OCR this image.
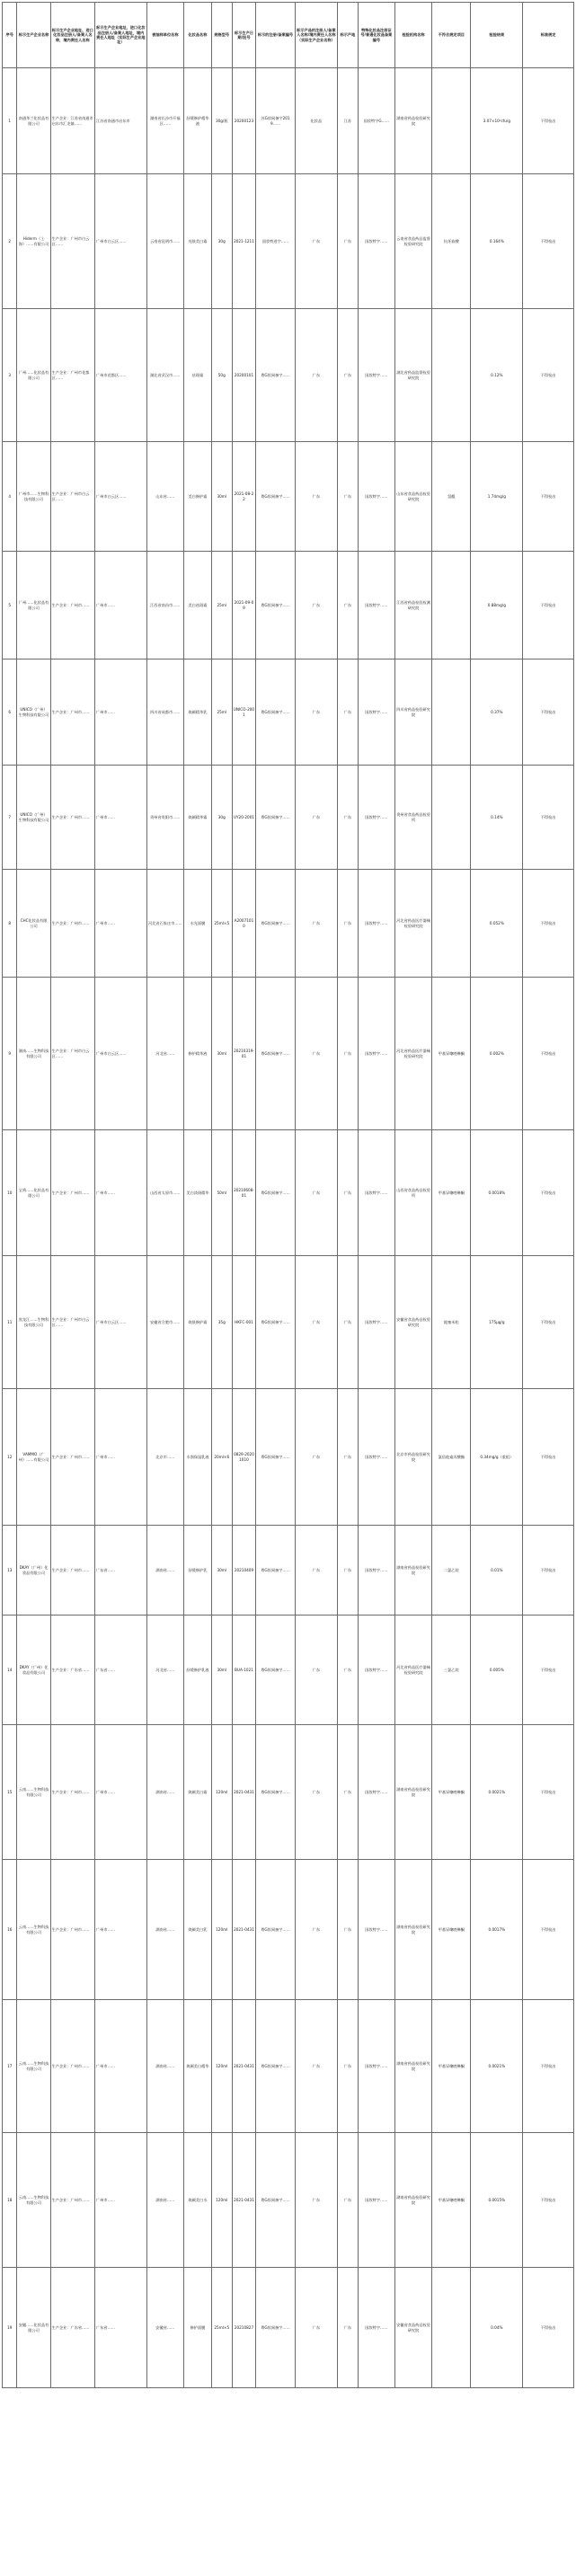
序号	标示生产企业名称	标示生产企业地址、进口化妆品注册人/备案人名称，境内责任人名称	标示生产企业地址，进口化妆品注册人/备案人地址，境内责任人地址（实际生产企业地址）	被抽样单位名称	化妆品名称	规格型号	标示生产日期/批号	标示的注册/备案编号	标示产品的注册人/备案人名称/境内责任人名称（实际生产企业名称）	标示产地	特殊化妆品注册证号/普通化妆品备案编号	检验机构名称	不符合规定项目	检验结果	标准规定
1	南通华兰化妆品有限公司	生产企业：江苏省南通市启东市汇龙镇……	江苏省南通市启东市	湖南省长沙市开福区……	舒缓修护精华液	30g/瓶	20200123	苏G妆网备字2019……	化妆品	江苏	国妆特字G……	湖南省药品检验研究院		3.07×10²cfu/g	不得检出
2	Hiderm（上海）……有限公司	生产企业：广州市白云区……	广州市白云区……	云南省昆明市……	亮肤美白霜	30g	2021-1211	国妆特进字……	广东	广东	国妆特字……	云南省食品药品监督检验研究院	抗坏血酸	0.164%	不得检出
3	广州……化妆品有限公司	生产企业：广州市花都区……	广州市花都区……	湖北省武汉市……	祛斑霜	50g	20200101	粤G妆网备字……	广东	广东	国妆特字……	湖北省药品监督检验研究院		0.12%	不得检出
4	广州市……生物科技有限公司	生产企业：广州市白云区……	广州市白云区……	山东省……	美白修护霜	30ml	2021-08-22	粤G妆网备字……	广东	广东	国妆特字……	山东省食品药品检验研究院	氢醌	1.74mg/g	不得检出
5	广州……化妆品有限公司	生产企业：广州市……	广州市……	江西省南昌市……	美白祛斑霜	25ml	2021-09-09	粤G妆网备字……	广东	广东	国妆特字……	江西省药品检验检测研究院		0.88mg/g	不得检出
6	UNICO（广州）生物科技有限公司	生产企业：广州市……	广州市……	四川省成都市……	焕颜精华乳	25ml	UNICO-2001	粤G妆网备字……	广东	广东	国妆特字……	四川省药品检验研究院		0.37%	不得检出
7	UNICO（广州）生物科技有限公司	生产企业：广州市……	广州市……	贵州省贵阳市……	焕颜精华霜	30g	UY20-2001	粤G妆网备字……	广东	广东	国妆特字……	贵州省食品药品检验所		0.14%	不得检出
8	CHC化妆品有限公司	生产企业：广州市……	广州市……	河北省石家庄市……	水光面膜	25ml×5	A20071010	粤G妆网备字……	广东	广东	国妆特字……	河北省药品医疗器械检验研究院		0.052%	不得检出
9	湖南……生物科技有限公司	生产企业：广州市白云区……	广州市白云区……	河北省……	修护精华液	30ml	20210319-01	粤G妆网备字……	广东	广东	国妆特字……	河北省药品医疗器械检验研究院	甲基异噻唑啉酮	0.002%	不得检出
10	宝鸡……化妆品有限公司	生产企业：广州市……	广州市……	山西省太原市……	美白淡斑精华	50ml	20210608-01	粤G妆网备字……	广东	广东	国妆特字……	山西省食品药品检验所	甲基异噻唑啉酮	0.0018%	不得检出
11	黑龙江……生物科技有限公司	生产企业：广州市白云区……	广州市白云区……	安徽省合肥市……	焕肤修护霜	35g	HKFC-001	粤G妆网备字……	广东	广东	国妆特字……	安徽省食品药品检验研究院	地塞米松	175μg/g	不得检出
12	VAMMO（广州）……有限公司	生产企业：广州市……	广州市……	北京市……	水润保湿乳液	20ml×6	0829-20201010	粤G妆网备字……	广东	广东	国妆特字……	北京市药品检验研究院	氯倍他索丙酸酯	0.34mg/g（重组）	不得检出
13	DKAY（广州）化妆品有限公司	生产企业：广州市……	广东省……	湖南省……	舒缓修护乳	30ml	20210409	粤G妆网备字……	广东	广东	国妆特字……	湖南省药品检验研究院	二氯乙烷	0.01%	不得检出
14	DKAY（广州）化妆品有限公司	生产企业：广东省……	广东省……	河北省……	舒缓修护乳液	30ml	BUA-1021	粤G妆网备字……	广东	广东	国妆特字……	河北省药品医疗器械检验研究院	三氯乙烷	0.005%	不得检出
15	云南……生物科技有限公司	生产企业：广州市……	广州市……	湖南省……	焕颜美白霜	120ml	2021-0431	粤G妆网备字……	广东	广东	国妆特字……	湖南省药品检验研究院	甲基异噻唑啉酮	0.0021%	不得检出
16	云南……生物科技有限公司	生产企业：广州市……	广州市……	湖南省……	焕颜美白乳	120ml	2021-0431	粤G妆网备字……	广东	广东	国妆特字……	湖南省药品检验研究院	甲基异噻唑啉酮	0.0017%	不得检出
17	云南……生物科技有限公司	生产企业：广州市……	广州市……	湖南省……	焕颜美白精华	120ml	2021-0431	粤G妆网备字……	广东	广东	国妆特字……	湖南省药品检验研究院	甲基异噻唑啉酮	0.0021%	不得检出
18	云南……生物科技有限公司	生产企业：广州市……	广州市……	湖南省……	焕颜美白水	120ml	2021-0431	粤G妆网备字……	广东	广东	国妆特字……	湖南省药品检验研究院	甲基异噻唑啉酮	0.0015%	不得检出
19	安徽……化妆品有限公司	生产企业：广东省……	广东省……	安徽省……	修护面膜	25ml×5	20210827	粤G妆网备字……	广东	广东	国妆特字……	安徽省食品药品检验研究院		0.04%	不得检出
